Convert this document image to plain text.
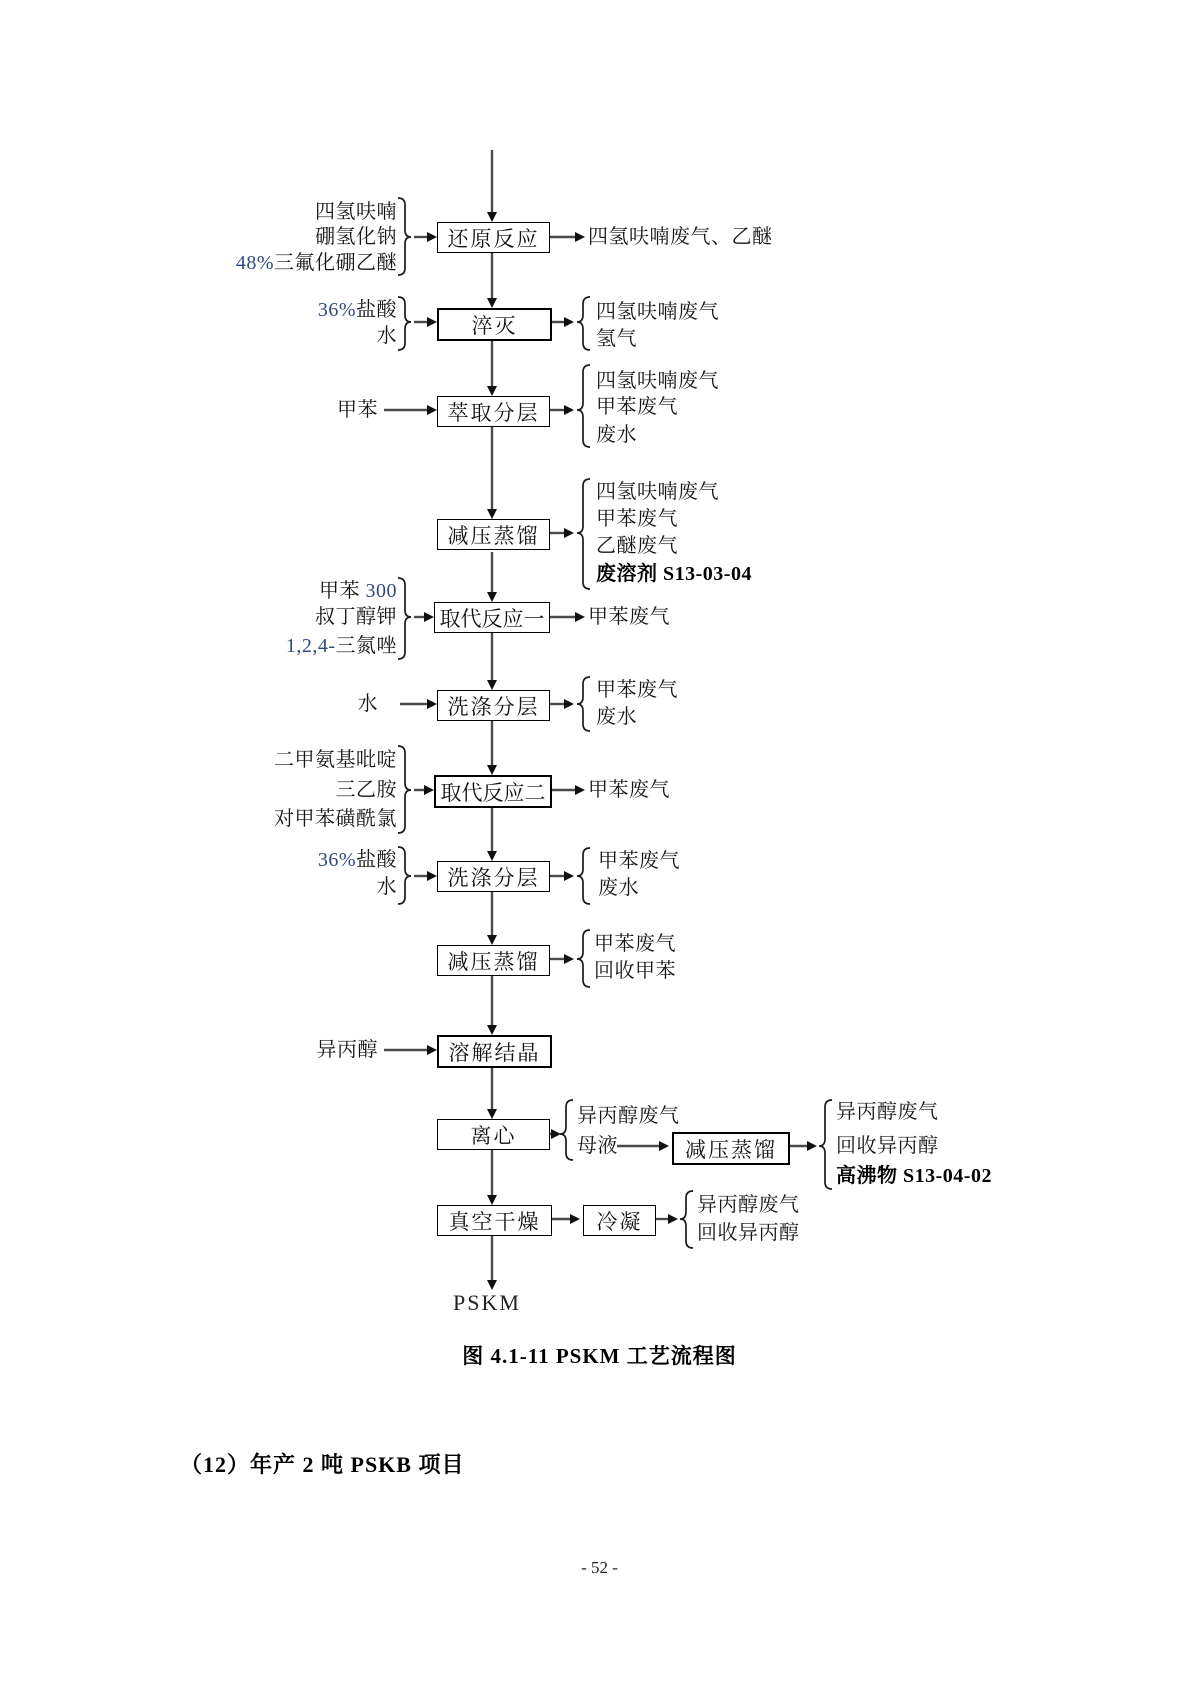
还原反应
淬灭
萃取分层
减压蒸馏
取代反应一
洗涤分层
取代反应二
洗涤分层
减压蒸馏
溶解结晶
离心
真空干燥
减压蒸馏
冷凝
四氢呋喃
硼氢化钠
48%三氟化硼乙醚
36%盐酸
水
甲苯
甲苯 300
叔丁醇钾
1,2,4-三氮唑
水
二甲氨基吡啶
三乙胺
对甲苯磺酰氯
36%盐酸
水
异丙醇
四氢呋喃废气、乙醚
四氢呋喃废气
氢气
四氢呋喃废气
甲苯废气
废水
四氢呋喃废气
甲苯废气
乙醚废气
废溶剂 S13-03-04
甲苯废气
甲苯废气
废水
甲苯废气
甲苯废气
废水
甲苯废气
回收甲苯
异丙醇废气
母液
异丙醇废气
回收异丙醇
高沸物 S13-04-02
异丙醇废气
回收异丙醇
PSKM
图 4.1-11 PSKM 工艺流程图
（12）年产 2 吨 PSKB 项目
- 52 -
